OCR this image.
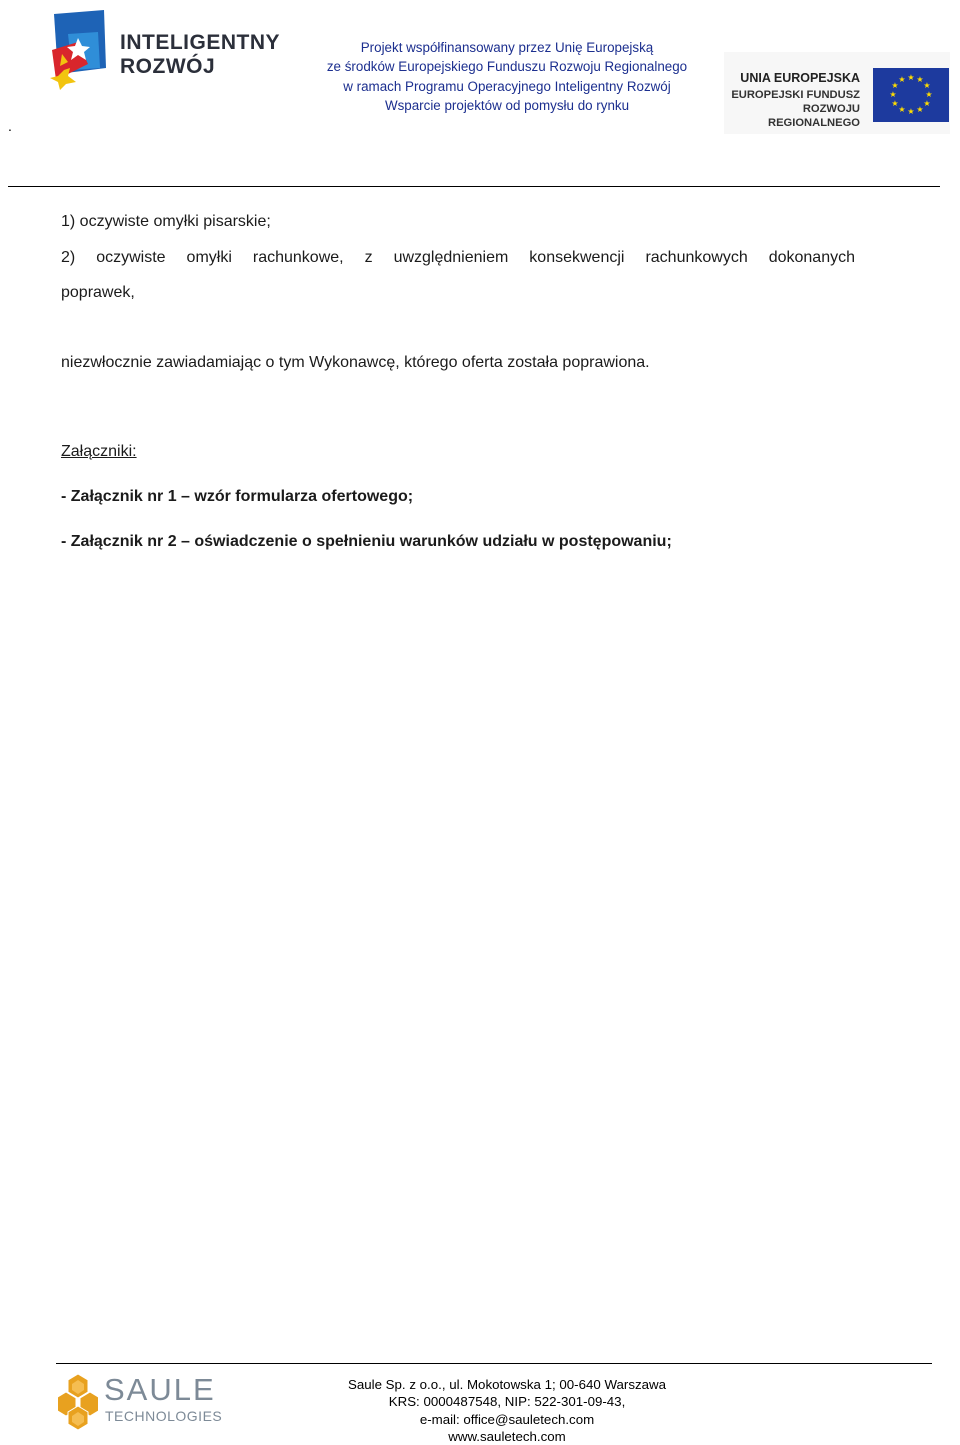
INTELIGENTNY
ROZWÓJ
Projekt współfinansowany przez Unię Europejską
ze środków Europejskiego Funduszu Rozwoju Regionalnego
w ramach Programu Operacyjnego Inteligentny Rozwój
Wsparcie projektów od pomysłu do rynku
UNIA EUROPEJSKA
EUROPEJSKI FUNDUSZ
ROZWOJU REGIONALNEGO
★ ★
★
★
★
★
★
★
★
★
★
★
.
1) oczywiste omyłki pisarskie;
2) oczywiste omyłki rachunkowe, z uwzględnieniem konsekwencji rachunkowych dokonanych
poprawek,
niezwłocznie zawiadamiając o tym Wykonawcę, którego oferta została poprawiona.
Załączniki:
- Załącznik nr 1 – wzór formularza ofertowego;
- Załącznik nr 2 – oświadczenie o spełnieniu warunków udziału w postępowaniu;
SAULE
TECHNOLOGIES
Saule Sp. z o.o., ul. Mokotowska 1; 00-640 Warszawa
KRS: 0000487548, NIP: 522-301-09-43,
e-mail: office@sauletech.com
www.sauletech.com
